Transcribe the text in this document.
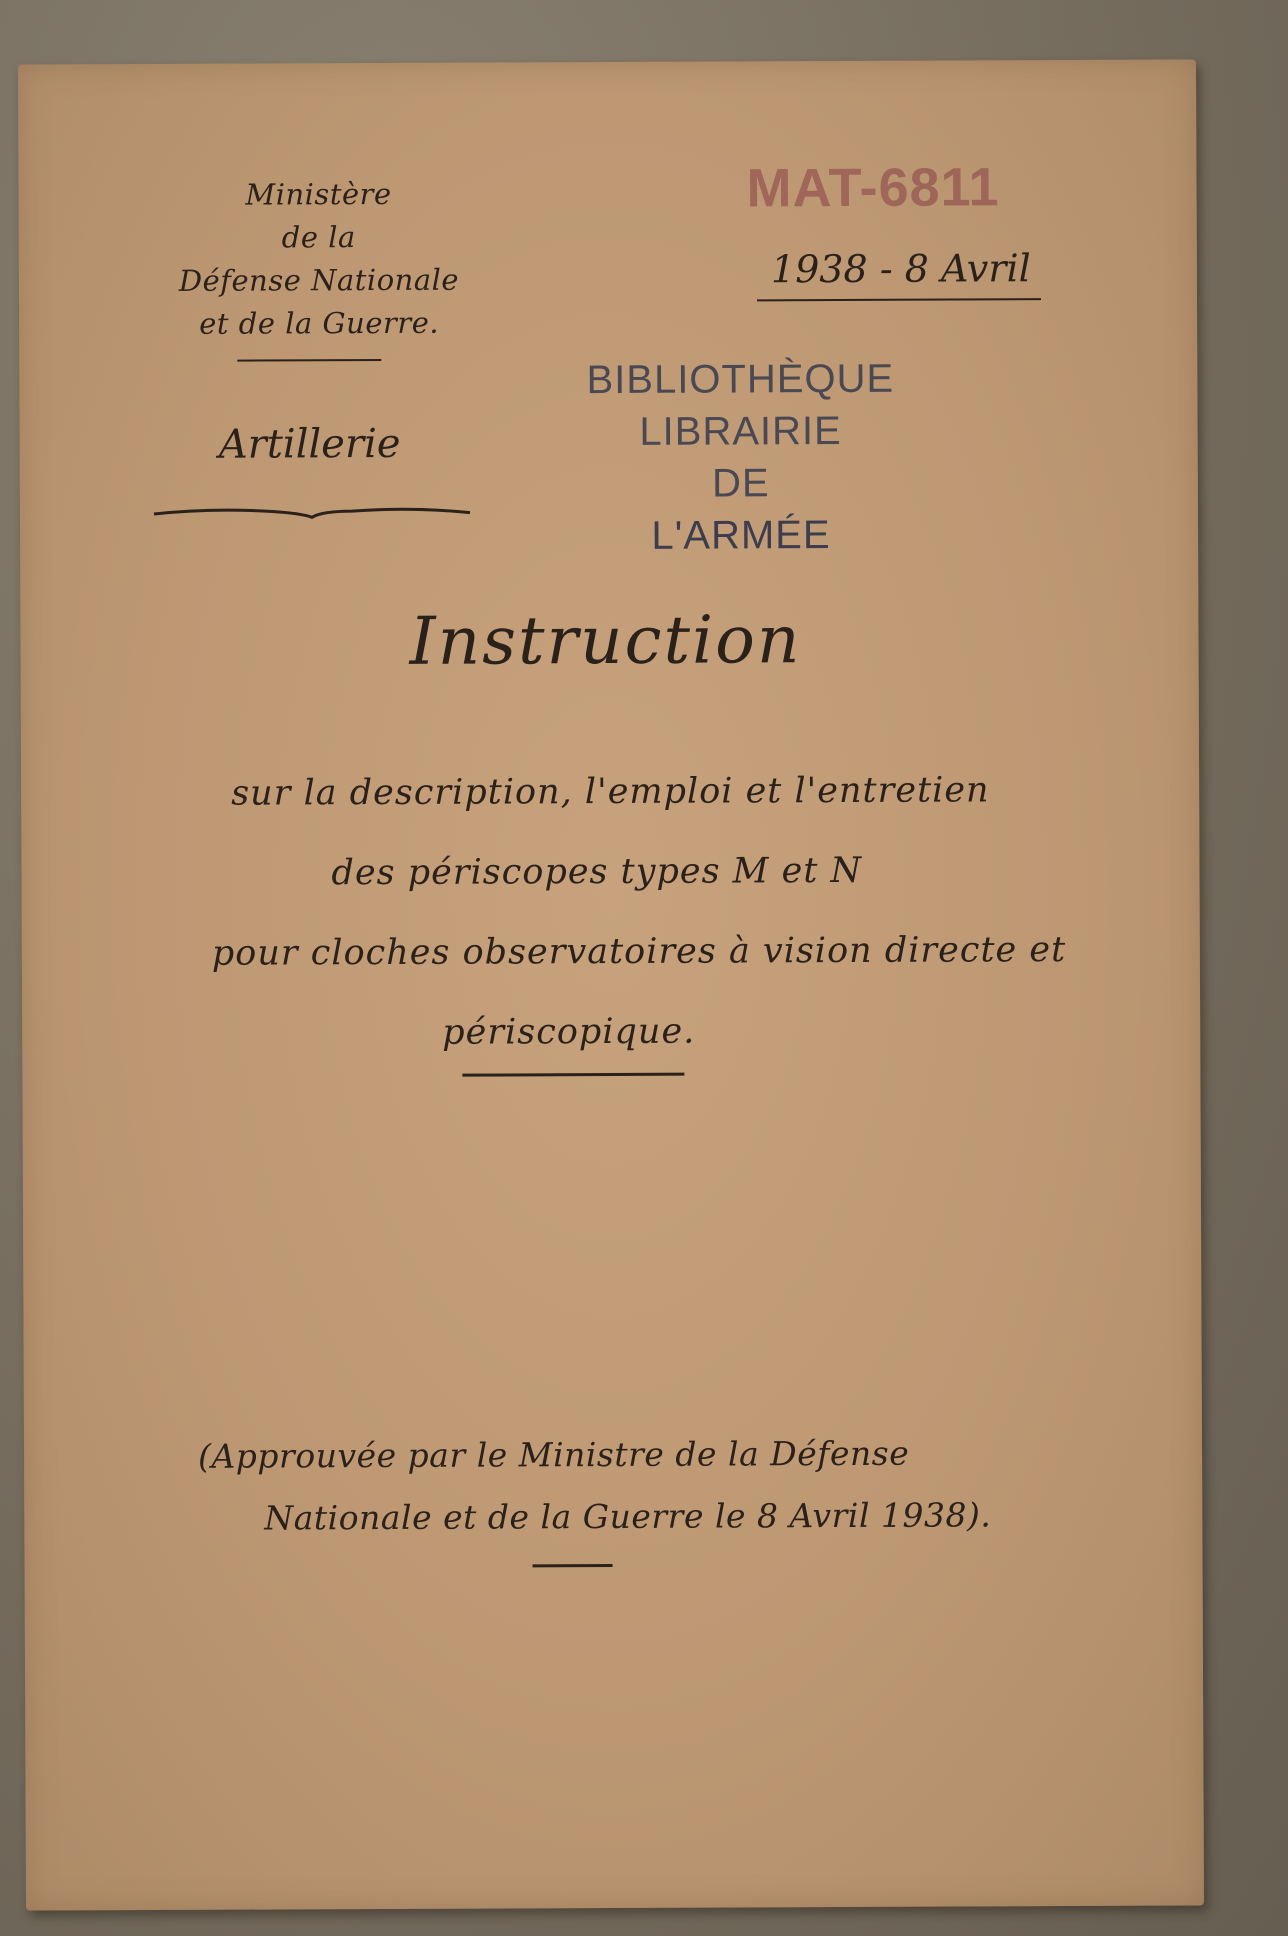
Ministère
de la
Défense Nationale
et de la Guerre.
Artillerie
MAT-6811
1938 - 8 Avril
BIBLIOTHÈQUE
LIBRAIRIE
DE
L'ARMÉE
Instruction
sur la description, l'emploi et l'entretien
des périscopes types M et N
pour cloches observatoires à vision directe et
périscopique.
(Approuvée par le Ministre de la Défense
Nationale et de la Guerre le 8 Avril 1938).
